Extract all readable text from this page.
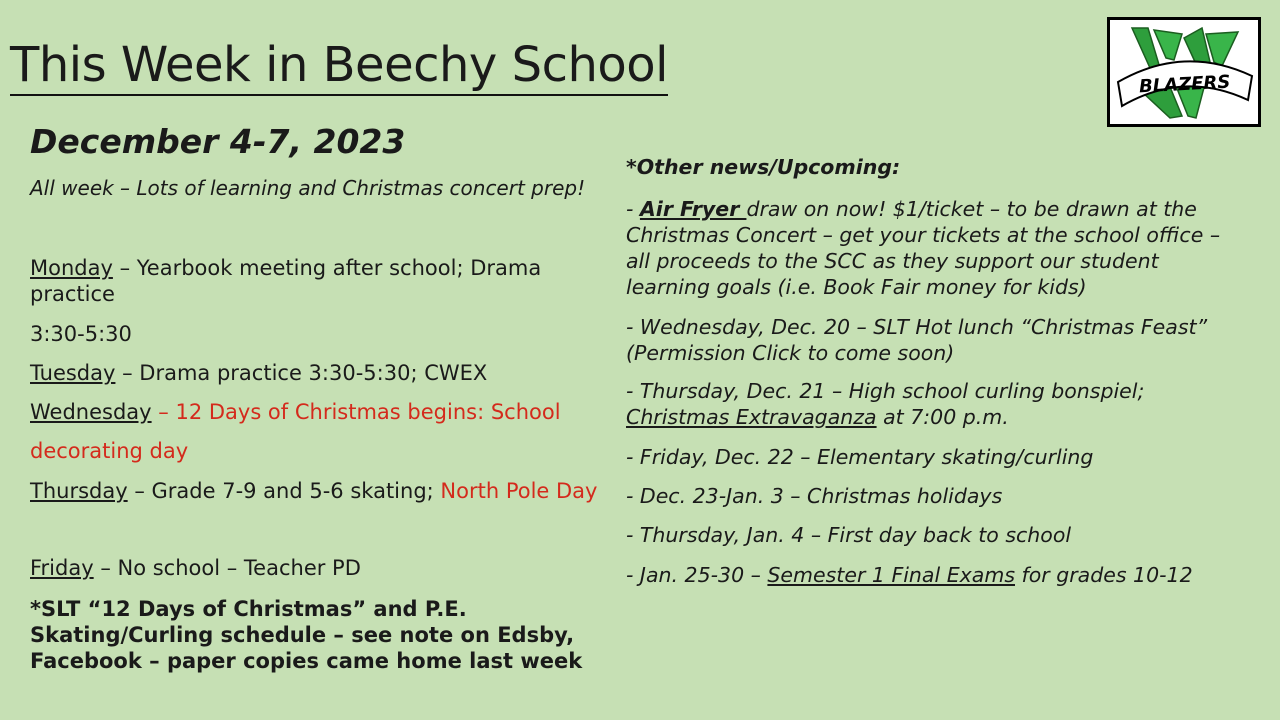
This Week in Beechy School	BLAZERS
December 4-7, 2023
All week – Lots of learning and Christmas concert prep!
Monday – Yearbook meeting after school; Drama
practice
3:30-5:30
Tuesday – Drama practice 3:30-5:30; CWEX
Wednesday – 12 Days of Christmas begins: School
decorating day
Thursday – Grade 7-9 and 5-6 skating; North Pole Day
Friday – No school – Teacher PD
*SLT “12 Days of Christmas” and P.E. Skating/Curling schedule – see note on Edsby, Facebook – paper copies came home last week
*Other news/Upcoming:
- Air Fryer draw on now! $1/ticket – to be drawn at the Christmas Concert – get your tickets at the school office – all proceeds to the SCC as they support our student learning goals (i.e. Book Fair money for kids)
- Wednesday, Dec. 20 – SLT Hot lunch “Christmas Feast” (Permission Click to come soon)
- Thursday, Dec. 21 – High school curling bonspiel;
Christmas Extravaganza at 7:00 p.m.
- Friday, Dec. 22 – Elementary skating/curling
- Dec. 23-Jan. 3 – Christmas holidays
- Thursday, Jan. 4 – First day back to school
- Jan. 25-30 – Semester 1 Final Exams for grades 10-12
